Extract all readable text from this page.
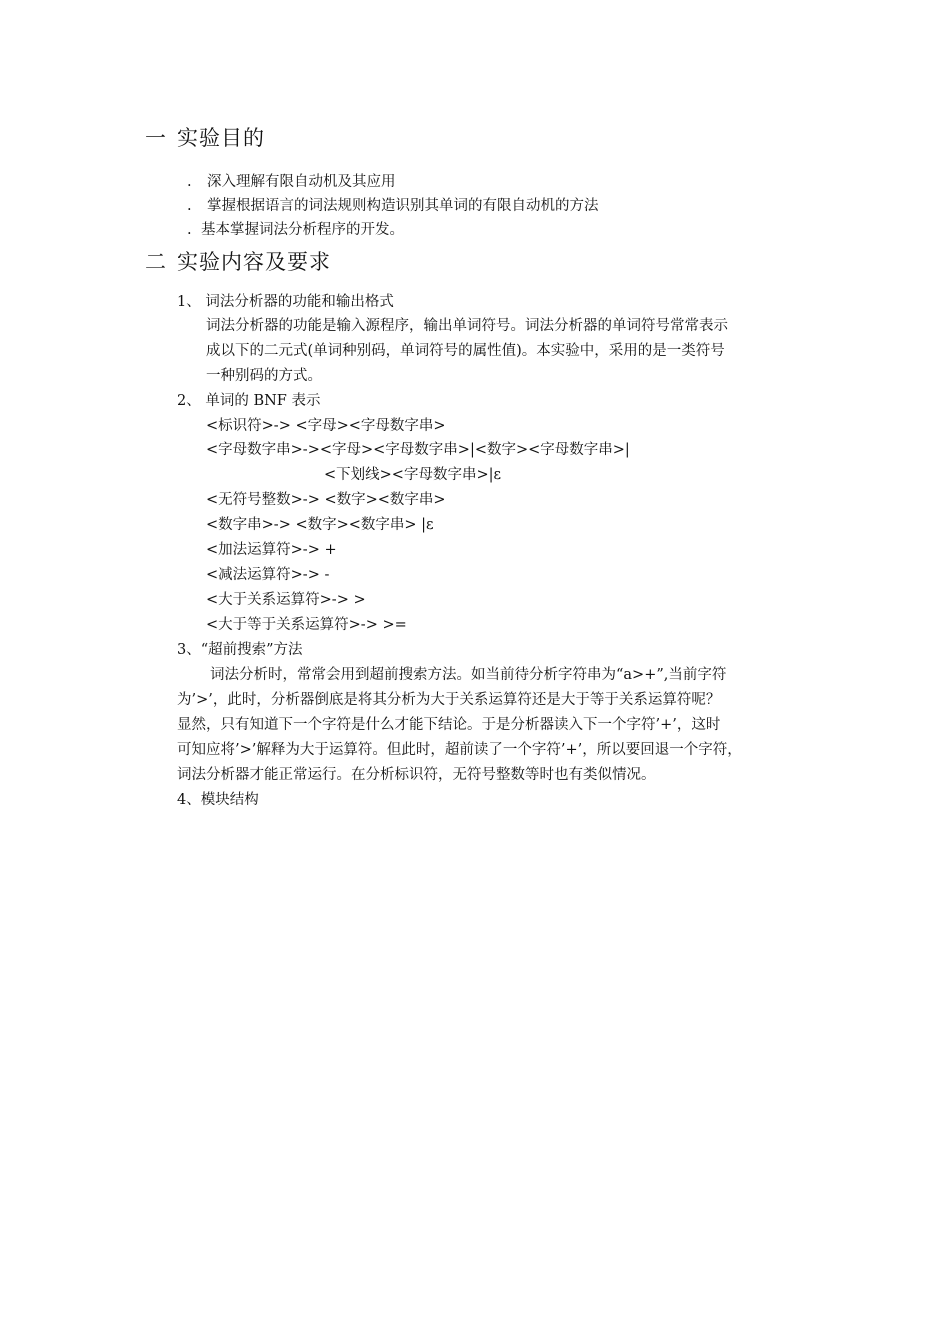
一 实验目的
. 深入理解有限自动机及其应用
. 掌握根据语言的词法规则构造识别其单词的有限自动机的方法
. 基本掌握词法分析程序的开发。
二 实验内容及要求
1、 词法分析器的功能和输出格式
词法分析器的功能是输入源程序，输出单词符号。词法分析器的单词符号常常表示
成以下的二元式(单词种别码，单词符号的属性值)。本实验中，采用的是一类符号
一种别码的方式。
2、 单词的 BNF 表示
<标识符>-> <字母><字母数字串>
<字母数字串>-><字母><字母数字串>|<数字><字母数字串>|
<下划线><字母数字串>|ε
<无符号整数>-> <数字><数字串>
<数字串>-> <数字><数字串> |ε
<加法运算符>-> +
<减法运算符>-> -
<大于关系运算符>-> >
<大于等于关系运算符>-> >=
3、“超前搜索”方法
词法分析时，常常会用到超前搜索方法。如当前待分析字符串为“a>+”,当前字符
为’>’，此时，分析器倒底是将其分析为大于关系运算符还是大于等于关系运算符呢？
显然，只有知道下一个字符是什么才能下结论。于是分析器读入下一个字符’+’，这时
可知应将’>’解释为大于运算符。但此时，超前读了一个字符’+’，所以要回退一个字符，
词法分析器才能正常运行。在分析标识符，无符号整数等时也有类似情况。
4、模块结构
